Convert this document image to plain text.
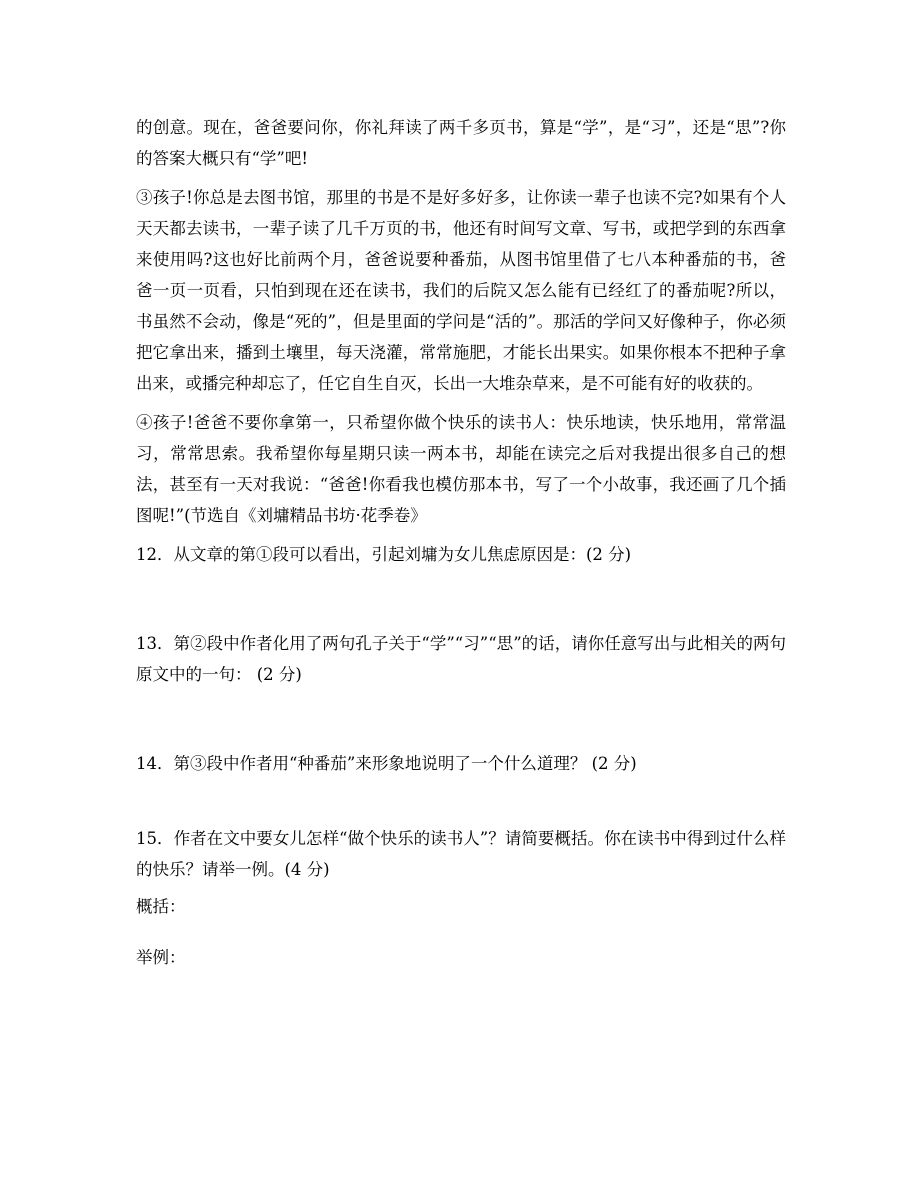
的创意。现在，爸爸要问你，你礼拜读了两千多页书，算是“学”，是“习”，还是“思”?你的答案大概只有“学”吧!

③孩子!你总是去图书馆，那里的书是不是好多好多，让你读一辈子也读不完?如果有个人天天都去读书，一辈子读了几千万页的书，他还有时间写文章、写书，或把学到的东西拿来使用吗?这也好比前两个月，爸爸说要种番茄，从图书馆里借了七八本种番茄的书，爸爸一页一页看，只怕到现在还在读书，我们的后院又怎么能有已经红了的番茄呢?所以，书虽然不会动，像是“死的”，但是里面的学问是“活的”。那活的学问又好像种子，你必须把它拿出来，播到土壤里，每天浇灌，常常施肥，才能长出果实。如果你根本不把种子拿出来，或播完种却忘了，任它自生自灭，长出一大堆杂草来，是不可能有好的收获的。

④孩子!爸爸不要你拿第一，只希望你做个快乐的读书人：快乐地读，快乐地用，常常温习，常常思索。我希望你每星期只读一两本书，却能在读完之后对我提出很多自己的想法，甚至有一天对我说：“爸爸!你看我也模仿那本书，写了一个小故事，我还画了几个插图呢!”(节选自《刘墉精品书坊·花季卷》

12．从文章的第①段可以看出，引起刘墉为女儿焦虑原因是：(2 分)

13．第②段中作者化用了两句孔子关于“学”“习”“思”的话，请你任意写出与此相关的两句原文中的一句： (2 分)

14．第③段中作者用“种番茄”来形象地说明了一个什么道理？ (2 分)

15．作者在文中要女儿怎样“做个快乐的读书人”？请简要概括。你在读书中得到过什么样的快乐？请举一例。(4 分)

概括：

举例：
